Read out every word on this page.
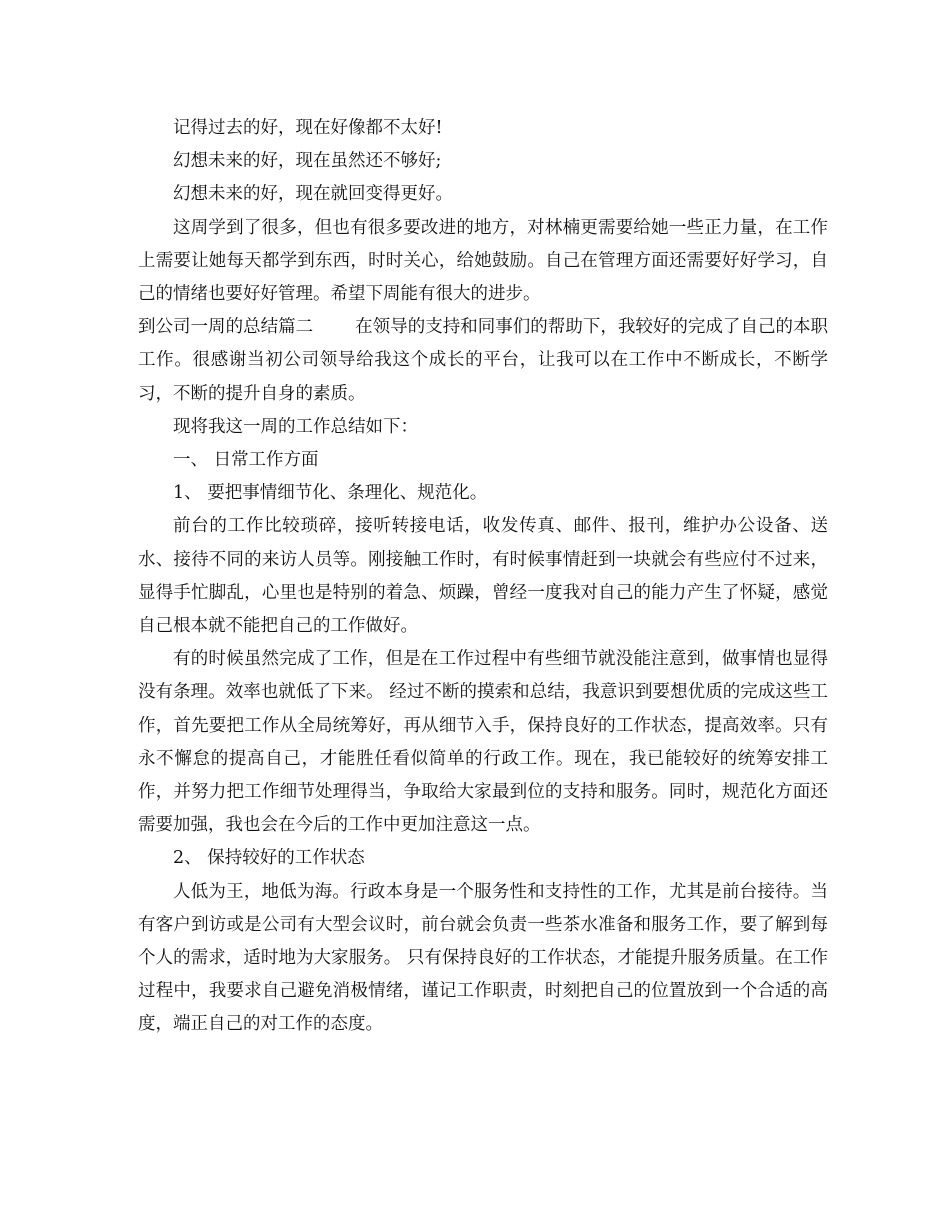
记得过去的好，现在好像都不太好!

幻想未来的好，现在虽然还不够好;

幻想未来的好，现在就回变得更好。

这周学到了很多，但也有很多要改进的地方，对林楠更需要给她一些正力量，在工作上需要让她每天都学到东西，时时关心，给她鼓励。自己在管理方面还需要好好学习，自己的情绪也要好好管理。希望下周能有很大的进步。

到公司一周的总结篇二 在领导的支持和同事们的帮助下，我较好的完成了自己的本职工作。很感谢当初公司领导给我这个成长的平台，让我可以在工作中不断成长，不断学习，不断的提升自身的素质。

现将我这一周的工作总结如下：

一、 日常工作方面

1、 要把事情细节化、条理化、规范化。

前台的工作比较琐碎，接听转接电话，收发传真、邮件、报刊，维护办公设备、送水、接待不同的来访人员等。刚接触工作时，有时候事情赶到一块就会有些应付不过来，显得手忙脚乱，心里也是特别的着急、烦躁，曾经一度我对自己的能力产生了怀疑，感觉自己根本就不能把自己的工作做好。

有的时候虽然完成了工作，但是在工作过程中有些细节就没能注意到，做事情也显得没有条理。效率也就低了下来。 经过不断的摸索和总结，我意识到要想优质的完成这些工作，首先要把工作从全局统筹好，再从细节入手，保持良好的工作状态，提高效率。只有永不懈怠的提高自己，才能胜任看似简单的行政工作。现在，我已能较好的统筹安排工作，并努力把工作细节处理得当，争取给大家最到位的支持和服务。同时，规范化方面还需要加强，我也会在今后的工作中更加注意这一点。

2、 保持较好的工作状态

人低为王，地低为海。行政本身是一个服务性和支持性的工作，尤其是前台接待。当有客户到访或是公司有大型会议时，前台就会负责一些茶水准备和服务工作，要了解到每个人的需求，适时地为大家服务。 只有保持良好的工作状态，才能提升服务质量。在工作过程中，我要求自己避免消极情绪，谨记工作职责，时刻把自己的位置放到一个合适的高度，端正自己的对工作的态度。
